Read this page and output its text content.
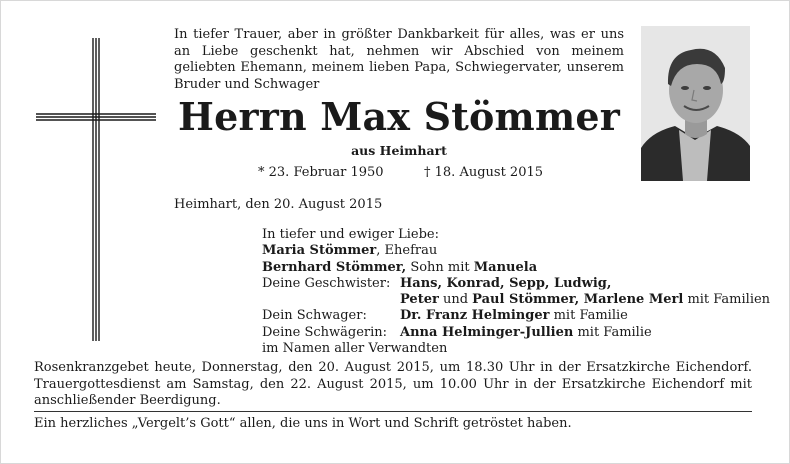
In tiefer Trauer, aber in größter Dankbarkeit für alles, was er uns an Liebe geschenkt hat, nehmen wir Abschied von meinem geliebten Ehemann, meinem lieben Papa, Schwiegervater, unserem Bruder und Schwager
Herrn Max Stömmer
aus Heimhart
* 23. Februar 1950	† 18. August 2015
Heimhart, den 20. August 2015
In tiefer und ewiger Liebe:
Maria Stömmer, Ehefrau
Bernhard Stömmer, Sohn mit Manuela
Deine Geschwister: Hans, Konrad, Sepp, Ludwig,
Peter und Paul Stömmer, Marlene Merl mit Familien
Dein Schwager:	Dr. Franz Helminger mit Familie
Deine Schwägerin: Anna Helminger-Jullien mit Familie
im Namen aller Verwandten
Rosenkranzgebet heute, Donnerstag, den 20. August 2015, um 18.30 Uhr in der Ersatzkirche Eichendorf. Trauergottesdienst am Samstag, den 22. August 2015, um 10.00 Uhr in der Ersatzkirche Eichendorf mit anschließender Beerdigung.
Ein herzliches „Vergelt’s Gott“ allen, die uns in Wort und Schrift getröstet haben.
